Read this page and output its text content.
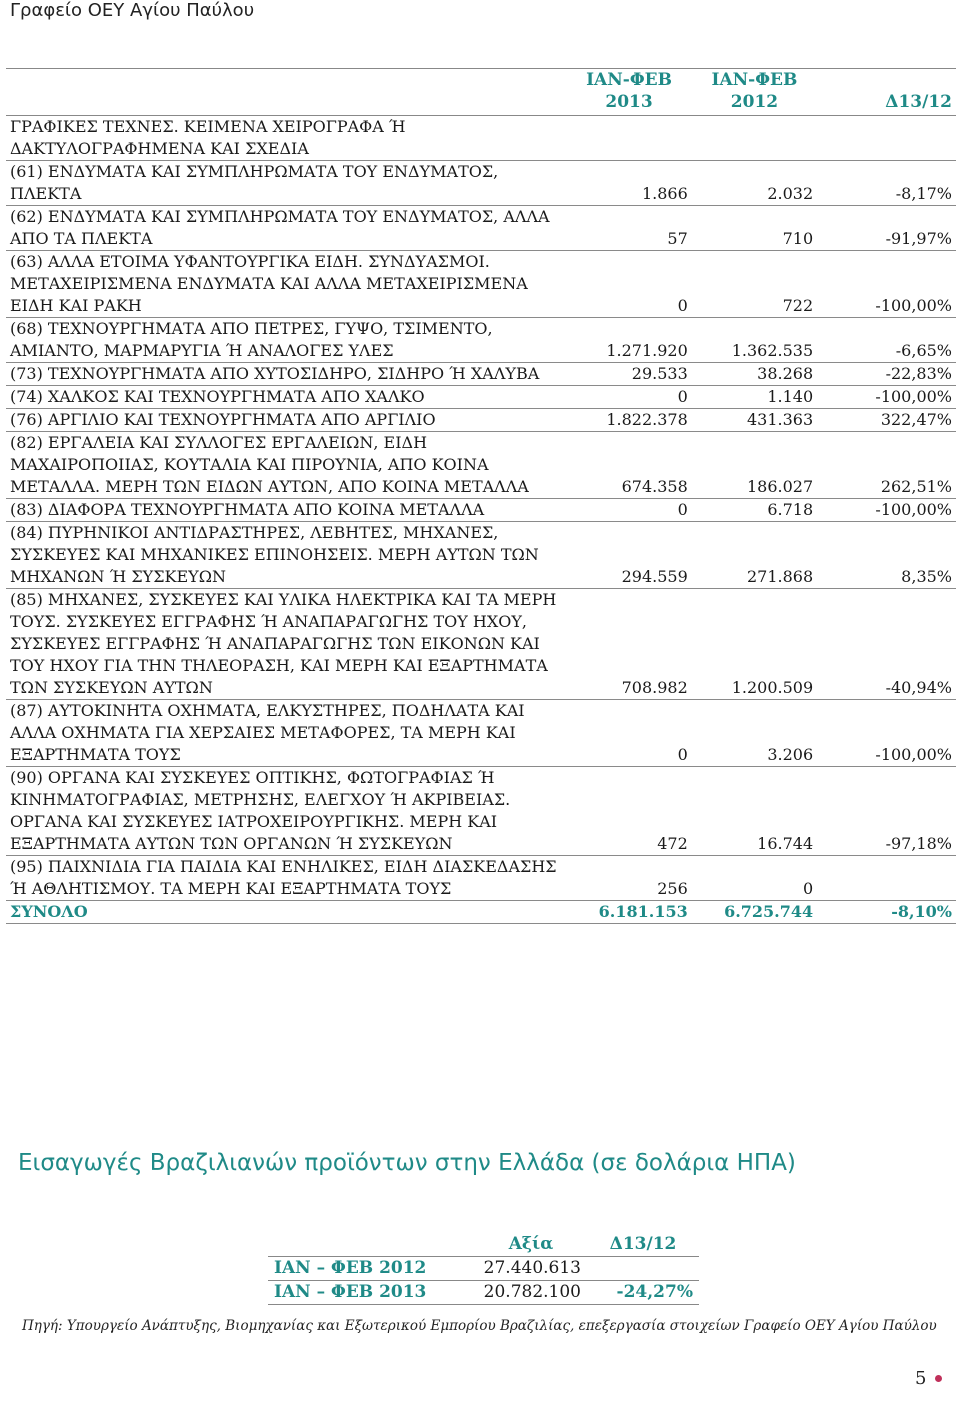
Γραφείο ΟΕΥ Αγίου Παύλου
	ΙΑΝ-ΦΕΒ 2013	ΙΑΝ-ΦΕΒ 2012	Δ13/12
ΓΡΑΦΙΚΕΣ ΤΕΧΝΕΣ. ΚΕΙΜΕΝΑ ΧΕΙΡΟΓΡΑΦΑ Ή ΔΑΚΤΥΛΟΓΡΑΦΗΜΕΝΑ ΚΑΙ ΣΧΕΔΙΑ			
(61) ΕΝΔΥΜΑΤΑ ΚΑΙ ΣΥΜΠΛΗΡΩΜΑΤΑ ΤΟΥ ΕΝΔΥΜΑΤΟΣ, ΠΛΕΚΤΑ	1.866	2.032	-8,17%
(62) ΕΝΔΥΜΑΤΑ ΚΑΙ ΣΥΜΠΛΗΡΩΜΑΤΑ ΤΟΥ ΕΝΔΥΜΑΤΟΣ, ΑΛΛΑ ΑΠΟ ΤΑ ΠΛΕΚΤΑ	57	710	-91,97%
(63) ΑΛΛΑ ΕΤΟΙΜΑ ΥΦΑΝΤΟΥΡΓΙΚΑ ΕΙΔΗ. ΣΥΝΔΥΑΣΜΟΙ. ΜΕΤΑΧΕΙΡΙΣΜΕΝΑ ΕΝΔΥΜΑΤΑ ΚΑΙ ΑΛΛΑ ΜΕΤΑΧΕΙΡΙΣΜΕΝΑ ΕΙΔΗ ΚΑΙ ΡΑΚΗ	0	722	-100,00%
(68) ΤΕΧΝΟΥΡΓΗΜΑΤΑ ΑΠΟ ΠΕΤΡΕΣ, ΓΥΨΟ, ΤΣΙΜΕΝΤΟ, ΑΜΙΑΝΤΟ, ΜΑΡΜΑΡΥΓΙΑ Ή ΑΝΑΛΟΓΕΣ ΥΛΕΣ	1.271.920	1.362.535	-6,65%
(73) ΤΕΧΝΟΥΡΓΗΜΑΤΑ ΑΠΟ ΧΥΤΟΣΙΔΗΡΟ, ΣΙΔΗΡΟ Ή ΧΑΛΥΒΑ	29.533	38.268	-22,83%
(74) ΧΑΛΚΟΣ ΚΑΙ ΤΕΧΝΟΥΡΓΗΜΑΤΑ ΑΠΟ ΧΑΛΚΟ	0	1.140	-100,00%
(76) ΑΡΓΙΛΙΟ ΚΑΙ ΤΕΧΝΟΥΡΓΗΜΑΤΑ ΑΠΟ ΑΡΓΙΛΙΟ	1.822.378	431.363	322,47%
(82) ΕΡΓΑΛΕΙΑ ΚΑΙ ΣΥΛΛΟΓΕΣ ΕΡΓΑΛΕΙΩΝ, ΕΙΔΗ ΜΑΧΑΙΡΟΠΟΙΙΑΣ, ΚΟΥΤΑΛΙΑ ΚΑΙ ΠΙΡΟΥΝΙΑ, ΑΠΟ ΚΟΙΝΑ ΜΕΤΑΛΛΑ. ΜΕΡΗ ΤΩΝ ΕΙΔΩΝ ΑΥΤΩΝ, ΑΠΟ ΚΟΙΝΑ ΜΕΤΑΛΛΑ	674.358	186.027	262,51%
(83) ΔΙΑΦΟΡΑ ΤΕΧΝΟΥΡΓΗΜΑΤΑ ΑΠΟ ΚΟΙΝΑ ΜΕΤΑΛΛΑ	0	6.718	-100,00%
(84) ΠΥΡΗΝΙΚΟΙ ΑΝΤΙΔΡΑΣΤΗΡΕΣ, ΛΕΒΗΤΕΣ, ΜΗΧΑΝΕΣ, ΣΥΣΚΕΥΕΣ ΚΑΙ ΜΗΧΑΝΙΚΕΣ ΕΠΙΝΟΗΣΕΙΣ. ΜΕΡΗ ΑΥΤΩΝ ΤΩΝ ΜΗΧΑΝΩΝ Ή ΣΥΣΚΕΥΩΝ	294.559	271.868	8,35%
(85) ΜΗΧΑΝΕΣ, ΣΥΣΚΕΥΕΣ ΚΑΙ ΥΛΙΚΑ ΗΛΕΚΤΡΙΚΑ ΚΑΙ ΤΑ ΜΕΡΗ ΤΟΥΣ. ΣΥΣΚΕΥΕΣ ΕΓΓΡΑΦΗΣ Ή ΑΝΑΠΑΡΑΓΩΓΗΣ ΤΟΥ ΗΧΟΥ, ΣΥΣΚΕΥΕΣ ΕΓΓΡΑΦΗΣ Ή ΑΝΑΠΑΡΑΓΩΓΗΣ ΤΩΝ ΕΙΚΟΝΩΝ ΚΑΙ ΤΟΥ ΗΧΟΥ ΓΙΑ ΤΗΝ ΤΗΛΕΟΡΑΣΗ, ΚΑΙ ΜΕΡΗ ΚΑΙ ΕΞΑΡΤΗΜΑΤΑ ΤΩΝ ΣΥΣΚΕΥΩΝ ΑΥΤΩΝ	708.982	1.200.509	-40,94%
(87) ΑΥΤΟΚΙΝΗΤΑ ΟΧΗΜΑΤΑ, ΕΛΚΥΣΤΗΡΕΣ, ΠΟΔΗΛΑΤΑ ΚΑΙ ΑΛΛΑ ΟΧΗΜΑΤΑ ΓΙΑ ΧΕΡΣΑΙΕΣ ΜΕΤΑΦΟΡΕΣ, ΤΑ ΜΕΡΗ ΚΑΙ ΕΞΑΡΤΗΜΑΤΑ ΤΟΥΣ	0	3.206	-100,00%
(90) ΟΡΓΑΝΑ ΚΑΙ ΣΥΣΚΕΥΕΣ ΟΠΤΙΚΗΣ, ΦΩΤΟΓΡΑΦΙΑΣ Ή ΚΙΝΗΜΑΤΟΓΡΑΦΙΑΣ, ΜΕΤΡΗΣΗΣ, ΕΛΕΓΧΟΥ Ή ΑΚΡΙΒΕΙΑΣ. ΟΡΓΑΝΑ ΚΑΙ ΣΥΣΚΕΥΕΣ ΙΑΤΡΟΧΕΙΡΟΥΡΓΙΚΗΣ. ΜΕΡΗ ΚΑΙ ΕΞΑΡΤΗΜΑΤΑ ΑΥΤΩΝ ΤΩΝ ΟΡΓΑΝΩΝ Ή ΣΥΣΚΕΥΩΝ	472	16.744	-97,18%
(95) ΠΑΙΧΝΙΔΙΑ ΓΙΑ ΠΑΙΔΙΑ ΚΑΙ ΕΝΗΛΙΚΕΣ, ΕΙΔΗ ΔΙΑΣΚΕΔΑΣΗΣ Ή ΑΘΛΗΤΙΣΜΟΥ. ΤΑ ΜΕΡΗ ΚΑΙ ΕΞΑΡΤΗΜΑΤΑ ΤΟΥΣ	256	0	
ΣΥΝΟΛΟ	6.181.153	6.725.744	-8,10%
Εισαγωγές Βραζιλιανών προϊόντων στην Ελλάδα (σε δολάρια ΗΠΑ)
	Αξία	Δ13/12
ΙΑΝ – ΦΕΒ 2012	27.440.613	
ΙΑΝ – ΦΕΒ 2013	20.782.100	-24,27%
Πηγή: Υπουργείο Ανάπτυξης, Βιομηχανίας και Εξωτερικού Εμπορίου Βραζιλίας, επεξεργασία στοιχείων Γραφείο ΟΕΥ Αγίου Παύλου
5
